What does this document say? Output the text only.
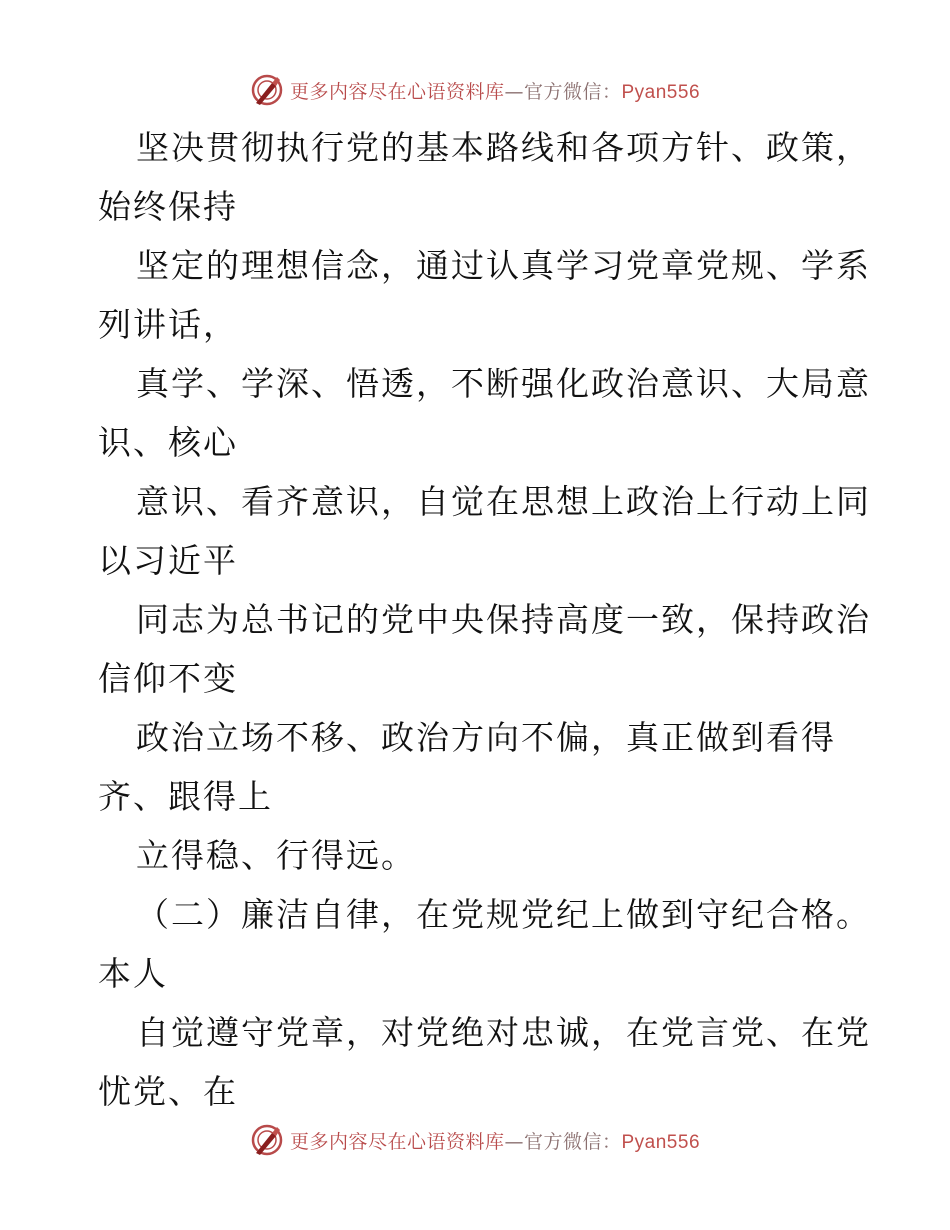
更多内容尽在心语资料库—官方微信：Pyan556
坚决贯彻执行党的基本路线和各项方针、政策，
始终保持
坚定的理想信念，通过认真学习党章党规、学系
列讲话，
真学、学深、悟透，不断强化政治意识、大局意
识、核心
意识、看齐意识，自觉在思想上政治上行动上同
以习近平
同志为总书记的党中央保持高度一致，保持政治
信仰不变
政治立场不移、政治方向不偏，真正做到看得
齐、跟得上
立得稳、行得远。
（二）廉洁自律，在党规党纪上做到守纪合格。
本人
自觉遵守党章，对党绝对忠诚，在党言党、在党
忧党、在
更多内容尽在心语资料库—官方微信：Pyan556
